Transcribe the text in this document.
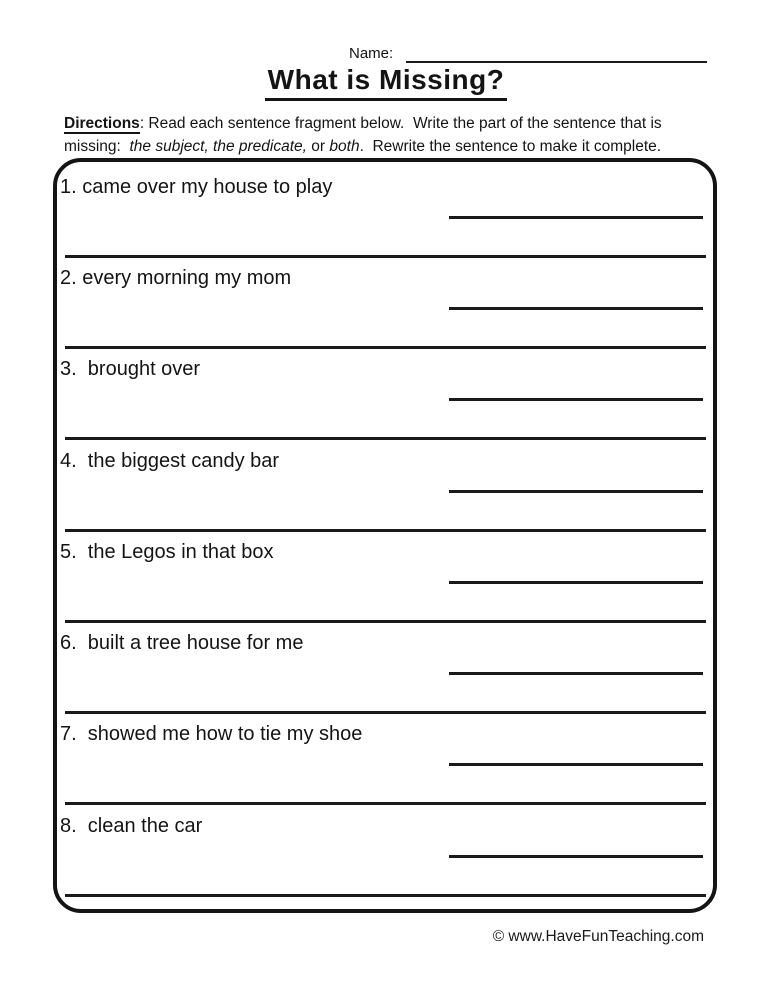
Name:
What is Missing?
Directions: Read each sentence fragment below.  Write the part of the sentence that is
missing:  the subject, the predicate, or both.  Rewrite the sentence to make it complete.
1. came over my house to play
2. every morning my mom
3.  brought over
4.  the biggest candy bar
5.  the Legos in that box
6.  built a tree house for me
7.  showed me how to tie my shoe
8.  clean the car
© www.HaveFunTeaching.com
